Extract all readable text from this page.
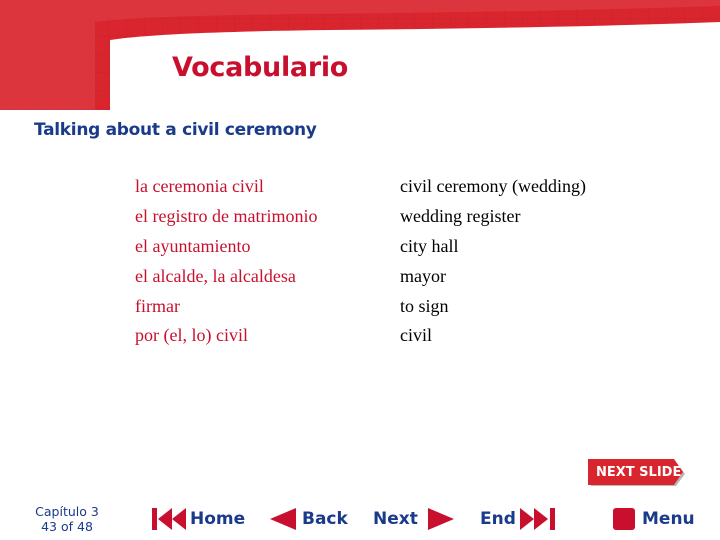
Vocabulario
Talking about a civil ceremony
la ceremonia civil	civil ceremony (wedding)
el registro de matrimonio	wedding register
el ayuntamiento	city hall
el alcalde, la alcaldesa	mayor
firmar	to sign
por (el, lo) civil	civil
NEXT SLIDE
Capítulo 3
43 of 48	Home	Back Next	End	Menu
